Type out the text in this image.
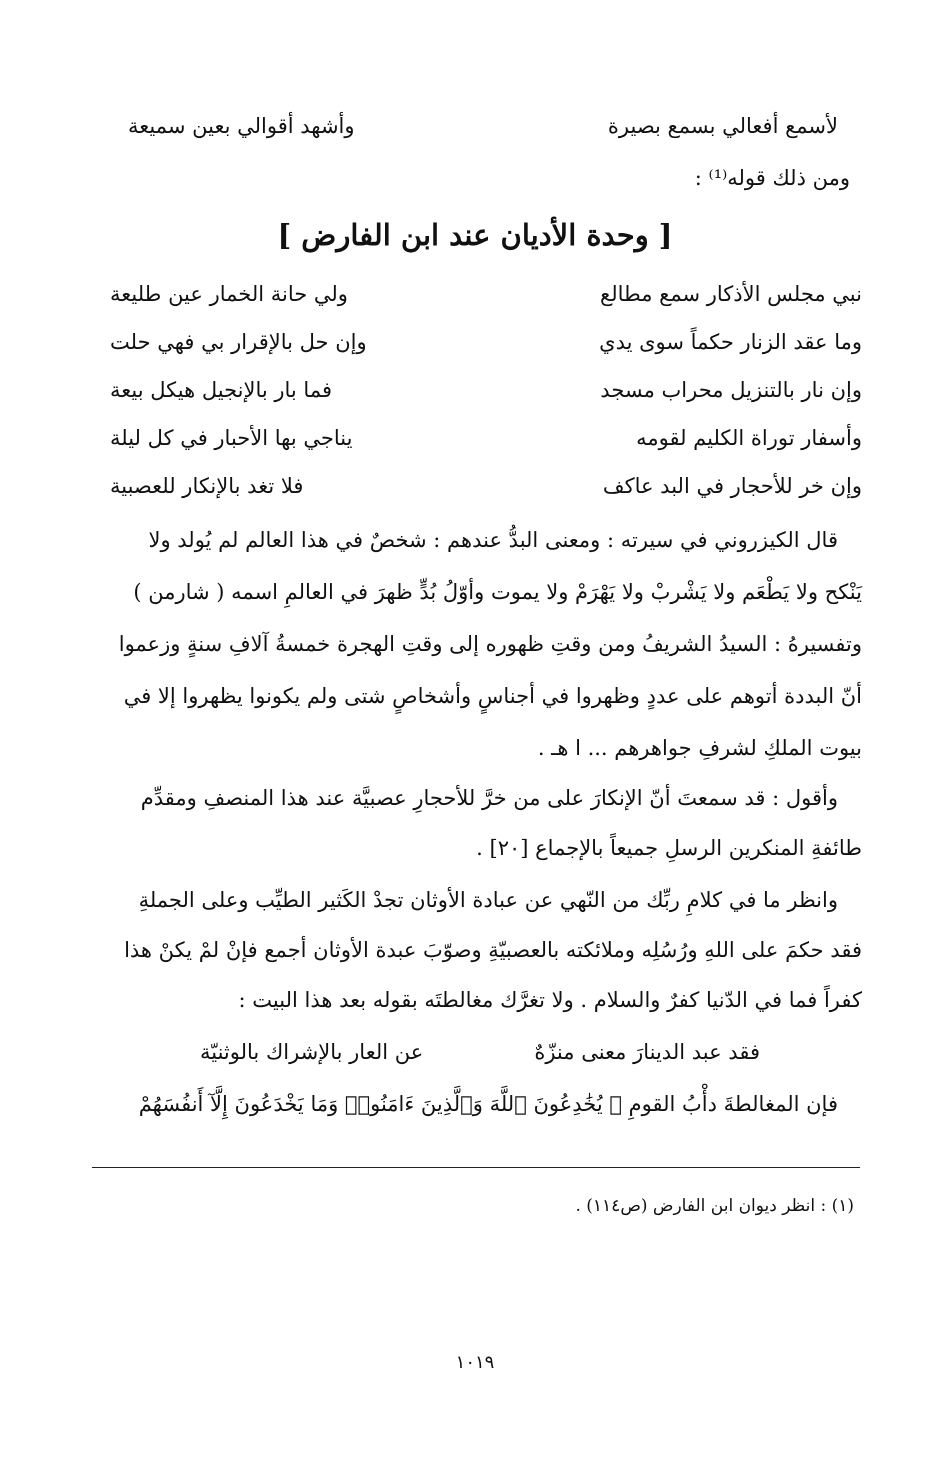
لأسمع أفعالي بسمع بصيرة
وأشهد أقوالي بعين سميعة
ومن ذلك قوله⁽¹⁾ :
[ وحدة الأديان عند ابن الفارض ]
نبي مجلس الأذكار سمع مطالع
ولي حانة الخمار عين طليعة
وما عقد الزنار حكماً سوى يدي
وإن حل بالإقرار بي فهي حلت
وإن نار بالتنزيل محراب مسجد
فما بار بالإنجيل هيكل بيعة
وأسفار توراة الكليم لقومه
يناجي بها الأحبار في كل ليلة
وإن خر للأحجار في البد عاكف
فلا تغد بالإنكار للعصبية
قال الكيزروني في سيرته : ومعنى البدُّ عندهم : شخصٌ في هذا العالم لم يُولد ولا
يَنْكح ولا يَطْعَم ولا يَشْربْ ولا يَهْرَمْ ولا يموت وأوّلُ بُدٍّ ظهرَ في العالمِ اسمه ( شارمن )
وتفسيرهُ : السيدُ الشريفُ ومن وقتِ ظهوره إلى وقتِ الهجرة خمسةُ آلافِ سنةٍ وزعموا
أنّ البددة أتوهم على عددٍ وظهروا في أجناسٍ وأشخاصٍ شتى ولم يكونوا يظهروا إلا في
بيوت الملكِ لشرفِ جواهرهم ... ا هـ .
وأقول : قد سمعتَ أنّ الإنكارَ على من خرَّ للأحجارِ عصبيَّة عند هذا المنصفِ ومقدِّم
طائفةِ المنكرين الرسلِ جميعاً بالإجماع [٢٠] .
وانظر ما في كلامِ ربِّك من النّهي عن عبادة الأوثان تجدْ الكَثير الطيِّب وعلى الجملةِ
فقد حكمَ على اللهِ ورُسُلِه وملائكته بالعصبيّةِ وصوّبَ عبدة الأوثان أجمع فإنْ لمْ يكنْ هذا
كفراً فما في الدّنيا كفرٌ والسلام . ولا تغرَّك مغالطتَه بقوله بعد هذا البيت :
فقد عبد الدينارَ معنى منزّهٌ
عن العار بالإشراك بالوثنيّة
فإن المغالطةَ دأْبُ القومِ ﴿ يُخَٰدِعُونَ ٱللَّهَ وَٱلَّذِينَ ءَامَنُوا۟ وَمَا يَخْدَعُونَ إِلَّآ أَنفُسَهُمْ
(١) : انظر ديوان ابن الفارض (ص١١٤) .
١٠١٩
